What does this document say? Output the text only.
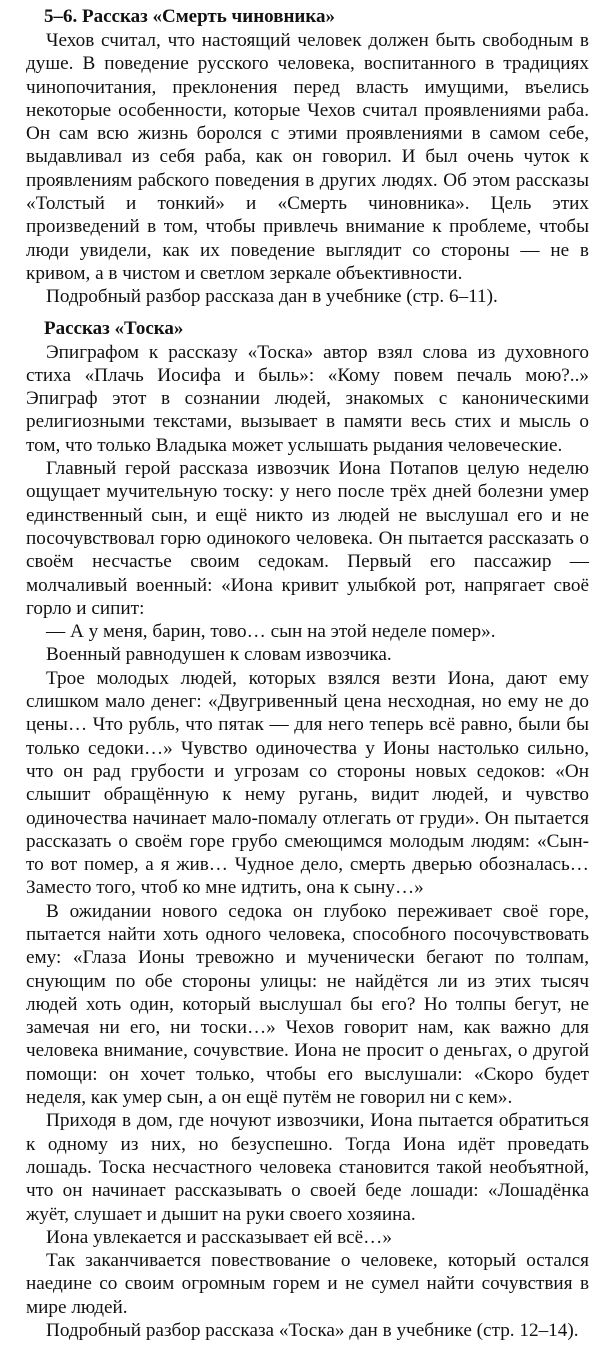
5–6. Рассказ «Смерть чиновника»

Чехов считал, что настоящий человек должен быть свободным в душе. В поведение русского человека, воспитанного в традициях чинопочитания, преклонения перед власть имущими, въелись некоторые особенности, которые Чехов считал проявлениями раба. Он сам всю жизнь боролся с этими проявлениями в самом себе, выдавливал из себя раба, как он говорил. И был очень чуток к проявлениям рабского поведения в других людях. Об этом рассказы «Толстый и тонкий» и «Смерть чиновника». Цель этих произведений в том, чтобы привлечь внимание к проблеме, чтобы люди увидели, как их поведение выглядит со стороны — не в кривом, а в чистом и светлом зеркале объективности.

Подробный разбор рассказа дан в учебнике (стр. 6–11).

Рассказ «Тоска»

Эпиграфом к рассказу «Тоска» автор взял слова из духовного стиха «Плачь Иосифа и быль»: «Кому повем печаль мою?..» Эпиграф этот в сознании людей, знакомых с каноническими религиозными текстами, вызывает в памяти весь стих и мысль о том, что только Владыка может услышать рыдания человеческие.

Главный герой рассказа извозчик Иона Потапов целую неделю ощущает мучительную тоску: у него после трёх дней болезни умер единственный сын, и ещё никто из людей не выслушал его и не посочувствовал горю одинокого человека. Он пытается рассказать о своём несчастье своим седокам. Первый его пассажир — молчаливый военный: «Иона кривит улыбкой рот, напрягает своё горло и сипит:

— А у меня, барин, тово… сын на этой неделе помер».

Военный равнодушен к словам извозчика.

Трое молодых людей, которых взялся везти Иона, дают ему слишком мало денег: «Двугривенный цена несходная, но ему не до цены… Что рубль, что пятак — для него теперь всё равно, были бы только седоки…» Чувство одиночества у Ионы настолько сильно, что он рад грубости и угрозам со стороны новых седоков: «Он слышит обращённую к нему ругань, видит людей, и чувство одиночества начинает мало-помалу отлегать от груди». Он пытается рассказать о своём горе грубо смеющимся молодым людям: «Сын-то вот помер, а я жив… Чудное дело, смерть дверью обозналась… Заместо того, чтоб ко мне идтить, она к сыну…»

В ожидании нового седока он глубоко переживает своё горе, пытается найти хоть одного человека, способного посочувствовать ему: «Глаза Ионы тревожно и мученически бегают по толпам, снующим по обе стороны улицы: не найдётся ли из этих тысяч людей хоть один, который выслушал бы его? Но толпы бегут, не замечая ни его, ни тоски…» Чехов говорит нам, как важно для человека внимание, сочувствие. Иона не просит о деньгах, о другой помощи: он хочет только, чтобы его выслушали: «Скоро будет неделя, как умер сын, а он ещё путём не говорил ни с кем».

Приходя в дом, где ночуют извозчики, Иона пытается обратиться к одному из них, но безуспешно. Тогда Иона идёт проведать лошадь. Тоска несчастного человека становится такой необъятной, что он начинает рассказывать о своей беде лошади: «Лошадёнка жуёт, слушает и дышит на руки своего хозяина.

Иона увлекается и рассказывает ей всё…»

Так заканчивается повествование о человеке, который остался наедине со своим огромным горем и не сумел найти сочувствия в мире людей.

Подробный разбор рассказа «Тоска» дан в учебнике (стр. 12–14).
